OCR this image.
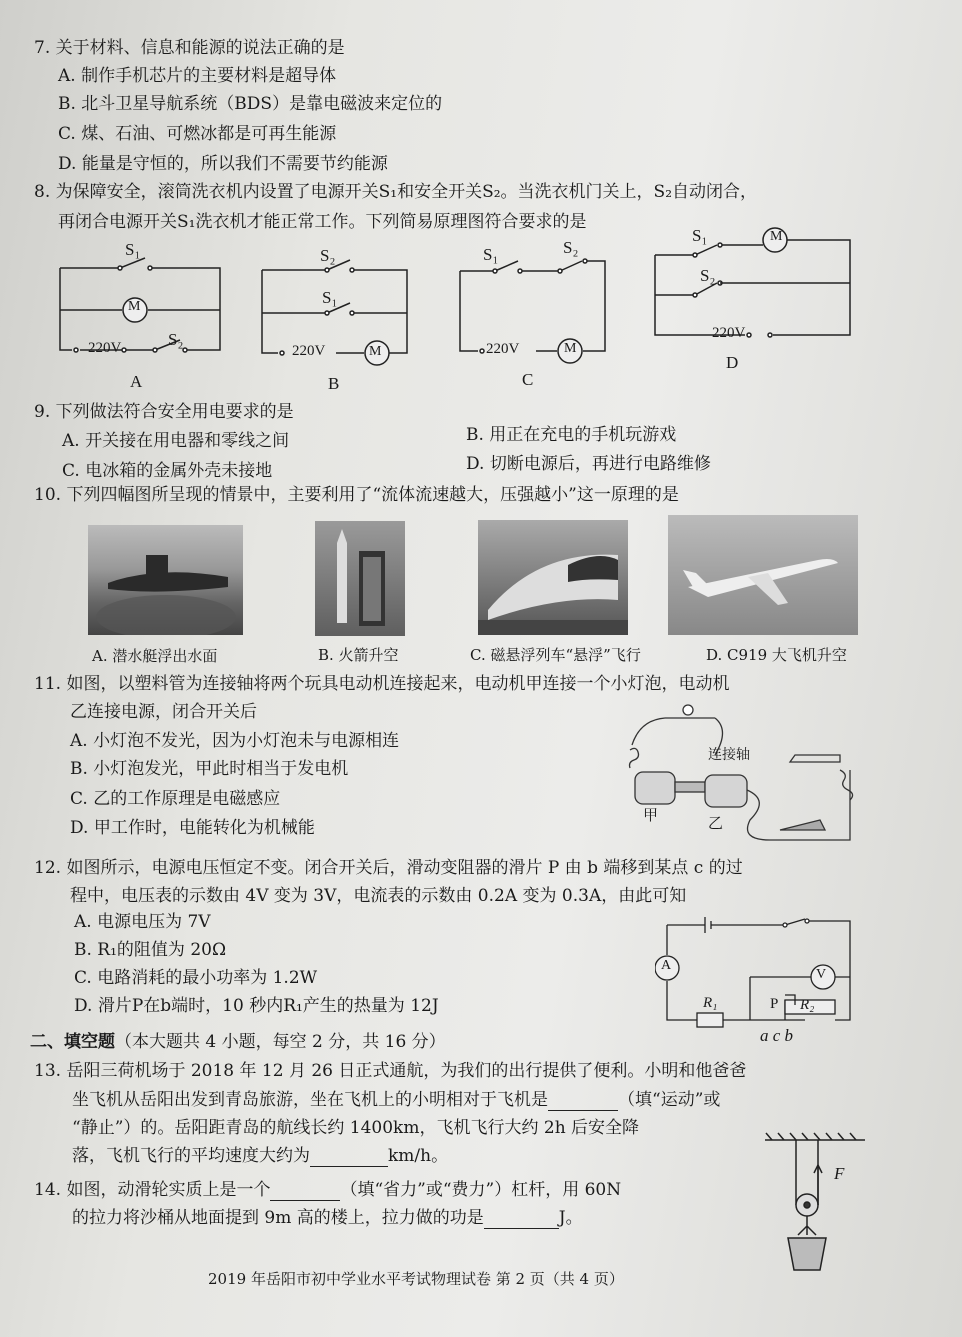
7. 关于材料、信息和能源的说法正确的是
A. 制作手机芯片的主要材料是超导体
B. 北斗卫星导航系统（BDS）是靠电磁波来定位的
C. 煤、石油、可燃冰都是可再生能源
D. 能量是守恒的，所以我们不需要节约能源
8. 为保障安全，滚筒洗衣机内设置了电源开关S₁和安全开关S₂。当洗衣机门关上，S₂自动闭合，
再闭合电源开关S₁洗衣机才能正常工作。下列简易原理图符合要求的是
S₁
M
S₂
220V
A
S₂
S₁
220V	M
B
S₁	S₂
220V	M
C
S₁	M
S₂
220V
D
9. 下列做法符合安全用电要求的是
A. 开关接在用电器和零线之间	B. 用正在充电的手机玩游戏
C. 电冰箱的金属外壳未接地	D. 切断电源后，再进行电路维修
10. 下列四幅图所呈现的情景中，主要利用了“流体流速越大，压强越小”这一原理的是
A. 潜水艇浮出水面	B. 火箭升空	C. 磁悬浮列车“悬浮”飞行	D. C919 大飞机升空
11. 如图，以塑料管为连接轴将两个玩具电动机连接起来，电动机甲连接一个小灯泡，电动机
乙连接电源，闭合开关后
A. 小灯泡不发光，因为小灯泡未与电源相连
B. 小灯泡发光，甲此时相当于发电机
C. 乙的工作原理是电磁感应
D. 甲工作时，电能转化为机械能
连接轴
甲	乙
12. 如图所示，电源电压恒定不变。闭合开关后，滑动变阻器的滑片 P 由 b 端移到某点 c 的过
程中，电压表的示数由 4V 变为 3V，电流表的示数由 0.2A 变为 0.3A，由此可知
A. 电源电压为 7V
B. R₁的阻值为 20Ω
C. 电路消耗的最小功率为 1.2W
D. 滑片P在b端时，10 秒内R₁产生的热量为 12J
A
V
R₁	P R₂
a c b
二、填空题（本大题共 4 小题，每空 2 分，共 16 分）
13. 岳阳三荷机场于 2018 年 12 月 26 日正式通航，为我们的出行提供了便利。小明和他爸爸
坐飞机从岳阳出发到青岛旅游，坐在飞机上的小明相对于飞机是	（填“运动”或
“静止”）的。岳阳距青岛的航线长约 1400km，飞机飞行大约 2h 后安全降
落，飞机飞行的平均速度大约为	km/h。
14. 如图，动滑轮实质上是一个	（填“省力”或“费力”）杠杆，用 60N
的拉力将沙桶从地面提到 9m 高的楼上，拉力做的功是	J。
F
2019 年岳阳市初中学业水平考试物理试卷 第 2 页（共 4 页）
